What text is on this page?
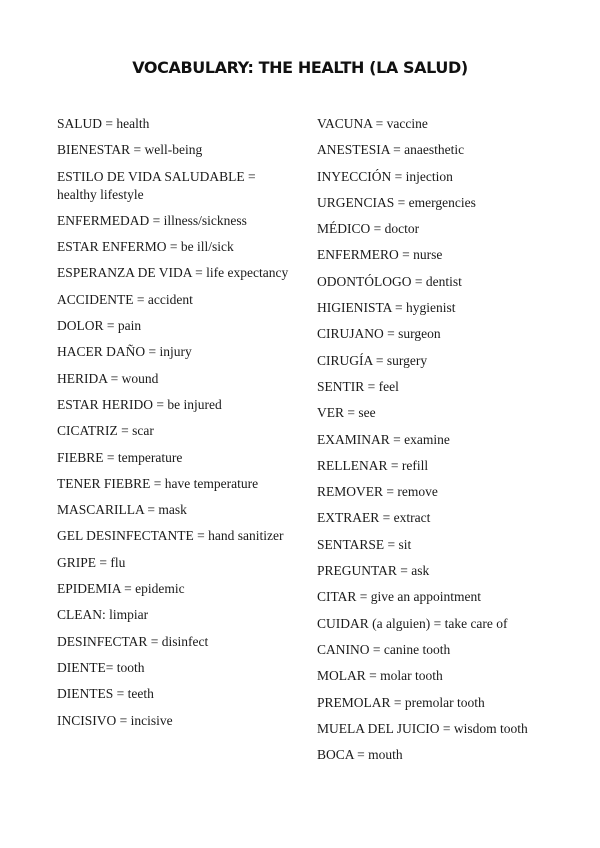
VOCABULARY: THE HEALTH (LA SALUD)
SALUD = health
BIENESTAR = well-being
ESTILO DE VIDA SALUDABLE = healthy lifestyle
ENFERMEDAD = illness/sickness
ESTAR ENFERMO = be ill/sick
ESPERANZA DE VIDA = life expectancy
ACCIDENTE = accident
DOLOR = pain
HACER DAÑO = injury
HERIDA = wound
ESTAR HERIDO = be injured
CICATRIZ = scar
FIEBRE = temperature
TENER FIEBRE = have temperature
MASCARILLA = mask
GEL DESINFECTANTE = hand sanitizer
GRIPE = flu
EPIDEMIA = epidemic
CLEAN: limpiar
DESINFECTAR = disinfect
DIENTE= tooth
DIENTES = teeth
INCISIVO = incisive
VACUNA = vaccine
ANESTESIA = anaesthetic
INYECCIÓN = injection
URGENCIAS = emergencies
MÉDICO = doctor
ENFERMERO = nurse
ODONTÓLOGO = dentist
HIGIENISTA = hygienist
CIRUJANO = surgeon
CIRUGÍA = surgery
SENTIR = feel
VER = see
EXAMINAR = examine
RELLENAR = refill
REMOVER = remove
EXTRAER = extract
SENTARSE = sit
PREGUNTAR = ask
CITAR = give an appointment
CUIDAR (a alguien) = take care of
CANINO = canine tooth
MOLAR = molar tooth
PREMOLAR = premolar tooth
MUELA DEL JUICIO = wisdom tooth
BOCA = mouth
